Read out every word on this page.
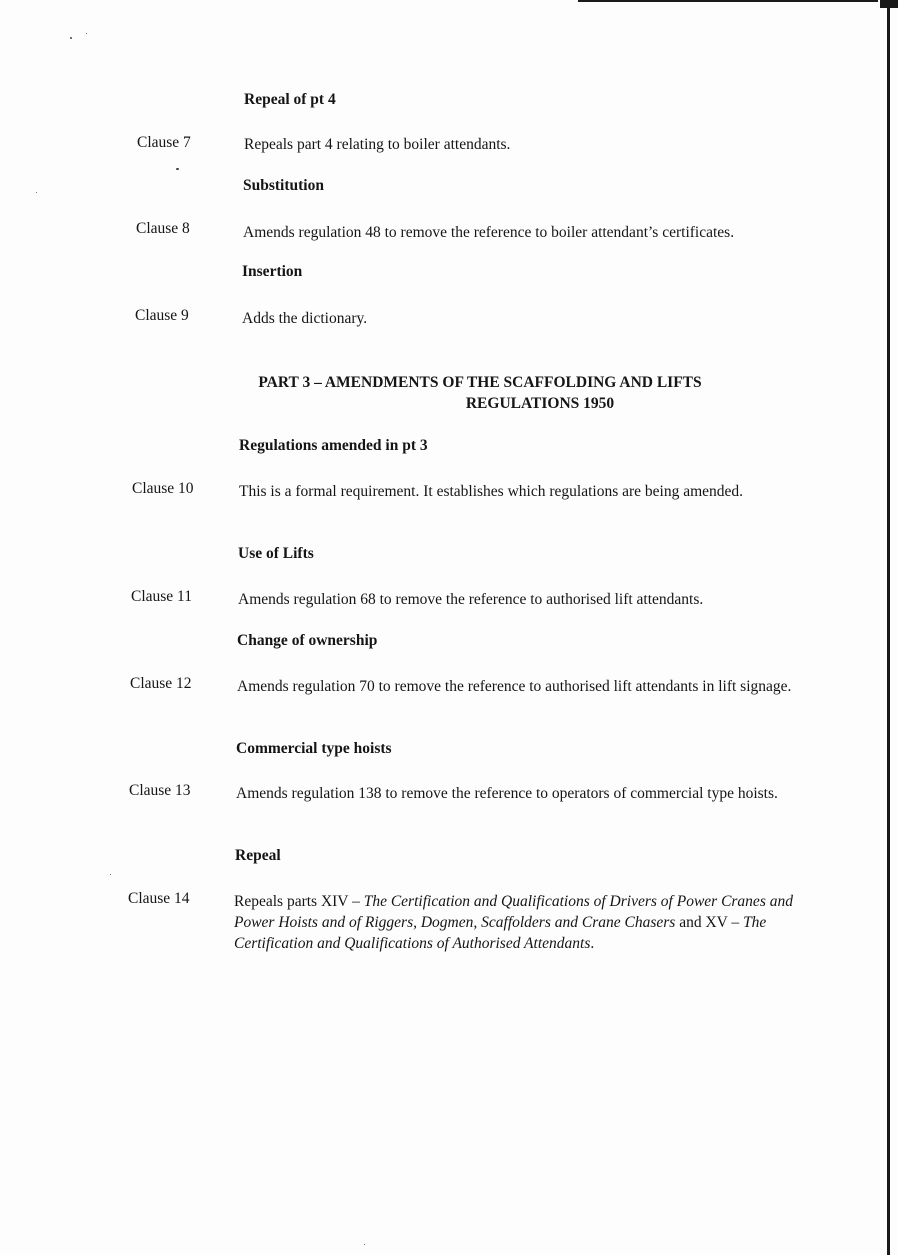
Repeal of pt 4
Clause 7	Repeals part 4 relating to boiler attendants.
Substitution
Clause 8	Amends regulation 48 to remove the reference to boiler attendant’s certificates.
Insertion
Clause 9	Adds the dictionary.
PART 3 – AMENDMENTS OF THE SCAFFOLDING AND LIFTS
REGULATIONS 1950
Regulations amended in pt 3
Clause 10	This is a formal requirement. It establishes which regulations are being amended.
Use of Lifts
Clause 11	Amends regulation 68 to remove the reference to authorised lift attendants.
Change of ownership
Clause 12	Amends regulation 70 to remove the reference to authorised lift attendants in lift signage.
Commercial type hoists
Clause 13	Amends regulation 138 to remove the reference to operators of commercial type hoists.
Repeal
Clause 14	Repeals parts XIV – The Certification and Qualifications of Drivers of Power Cranes and Power Hoists and of Riggers, Dogmen, Scaffolders and Crane Chasers and XV – The Certification and Qualifications of Authorised Attendants.
